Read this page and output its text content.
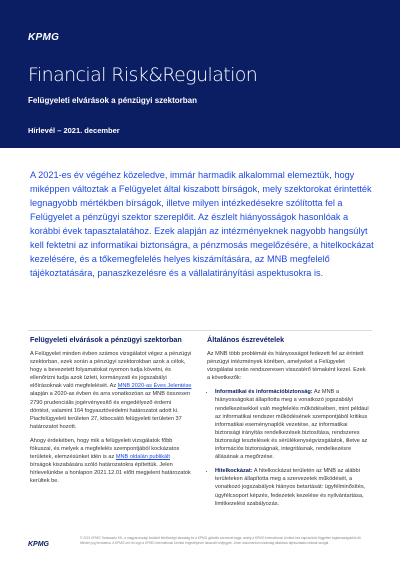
KPMG
Financial Risk&Regulation
Felügyeleti elvárások a pénzügyi szektorban
Hírlevél – 2021. december
A 2021-es év végéhez közeledve, immár harmadik alkalommal elemeztük, hogy miképpen változtak a Felügyelet által kiszabott bírságok, mely szektorokat érintették legnagyobb mértékben bírságok, illetve milyen intézkedésekre szólította fel a Felügyelet a pénzügyi szektor szereplőit. Az észlelt hiányosságok hasonlóak a korábbi évek tapasztalatához. Ezek alapján az intézményeknek nagyobb hangsúlyt kell fektetni az informatikai biztonságra, a pénzmosás megelőzésére, a hitelkockázat kezelésére, és a tőkemegfelelés helyes kiszámítására, az MNB megfelelő tájékoztatására, panaszkezelésre és a vállalatirányítási aspektusokra is.
Felügyeleti elvárások a pénzügyi szektorban

A Felügyelet minden évben számos vizsgálatot végez a pénzügyi szektorban, ezek során a pénzügyi szektorokban azok a célok, hogy a bevezetett folyamatokat nyomon tudja követni, és ellenőrizni tudja azok üzleti, kormányzati és jogszabályi előírásoknak való megfelelését. Az MNB 2020-as Éves Jelentése alapján a 2020-as évben és arra vonatkozóan az MNB összesen 2790 prudenciális jogérvényesítő és engedélyező érdemi döntést, valamint 164 fogyasztóvédelmi határozatot adott ki. Piacfelügyeleti területen 27, kibocsátó felügyeleti területen 37 határozatot hozott.

Ahogy érdekében, hogy mik a felügyeleti vizsgálatok főbb fókuszai, és melyek a megfelelés szempontjából kockázatos területek, elemzésünket idén is az MNB oldalán publikált bírságok kiszabására szóló határozatokra építettük. Jelen hírlevelünkbe a honlapon 2021.12.01 előtt megjelent határozatok kerültek be.

Általános észrevételek

Az MNB több problémát és hiányosságot fedezett fel az érintett pénzügyi intézmények körében, amelyeket a Felügyelet vizsgálatai során rendszeresen visszatérő témaként kezel. Ezek a következők:

• Informatikai és információbiztonság: Az MNB a hiányosságokat állapította meg a vonatkozó jogszabályi rendelkezésekkel való megfelelés működésében, mint például az informatikai rendszer működésének szempontjából kritikus informatikai eseménynaplók vezetése, az informatikai biztonsági irányítás rendelkezések biztosítása, rendszeres biztonsági tesztelések és sérülékenységvizsgálatok, illetve az információs biztonságnak, integritásnak, rendelkezésre állásának a megőrzése.
• Hitelkockázat: A hitelkockázat területén az MNB az alábbi területeken állapította meg a szervezetek működését, a vonatkozó jogszabályok hiányos betartását: ügyfélminősítés, ügyfélcsoport képzés, fedezetek kezelése és nyilvántartása, limitkezelési szabályozás.
KPMG
© 2021 KPMG Tanácsadó Kft., a magyarországi korlátolt felelősségű társaság és a KPMG globális szervezet tagja, amely a KPMG International Limited-hez kapcsolódó független tagtársaságokból áll. Minden jog fenntartva. A KPMG név és logó a KPMG International Limited engedélyével használt védjegyek. Jelen dokumentum kizárólag általános tájékoztatási célokat szolgál.
